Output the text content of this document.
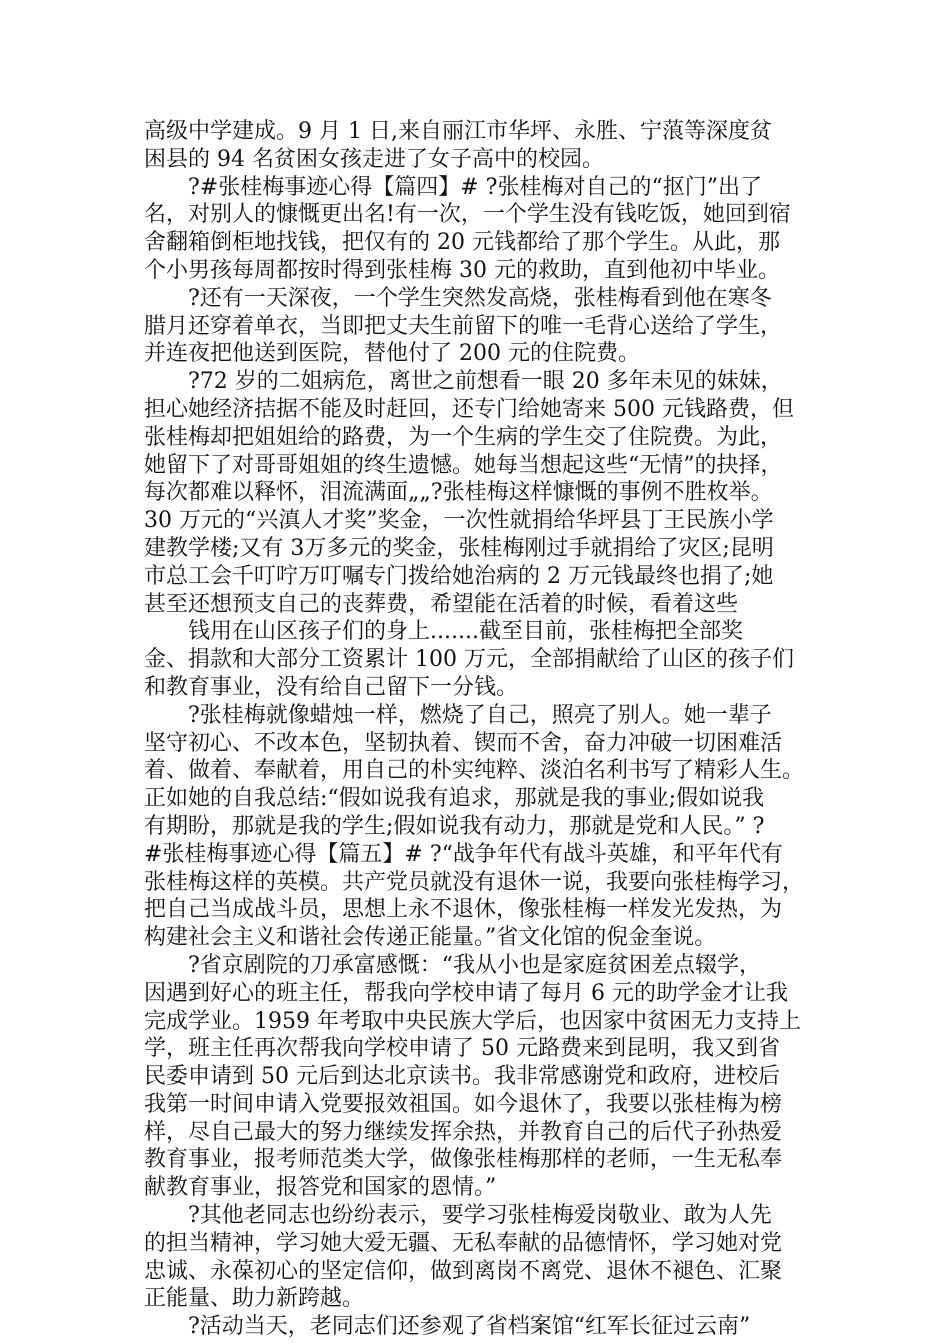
高级中学建成。9 月 1 日,来自丽江市华坪、永胜、宁蒗等深度贫
困县的 94 名贫困女孩走进了女子高中的校园。
　　?#张桂梅事迹心得【篇四】# ?张桂梅对自己的“抠门”出了
名，对别人的慷慨更出名!有一次，一个学生没有钱吃饭，她回到宿
舍翻箱倒柜地找钱，把仅有的 20 元钱都给了那个学生。从此，那
个小男孩每周都按时得到张桂梅 30 元的救助，直到他初中毕业。
　　?还有一天深夜，一个学生突然发高烧，张桂梅看到他在寒冬
腊月还穿着单衣，当即把丈夫生前留下的唯一毛背心送给了学生，
并连夜把他送到医院，替他付了 200 元的住院费。
　　?72 岁的二姐病危，离世之前想看一眼 20 多年未见的妹妹，
担心她经济拮据不能及时赶回，还专门给她寄来 500 元钱路费，但
张桂梅却把姐姐给的路费，为一个生病的学生交了住院费。为此，
她留下了对哥哥姐姐的终生遗憾。她每当想起这些“无情”的抉择，
每次都难以释怀，泪流满面„„?张桂梅这样慷慨的事例不胜枚举。
30 万元的“兴滇人才奖”奖金，一次性就捐给华坪县丁王民族小学
建教学楼;又有 3万多元的奖金，张桂梅刚过手就捐给了灾区;昆明
市总工会千叮咛万叮嘱专门拨给她治病的 2 万元钱最终也捐了;她
甚至还想预支自己的丧葬费，希望能在活着的时候，看着这些
　　钱用在山区孩子们的身上.......截至目前，张桂梅把全部奖
金、捐款和大部分工资累计 100 万元，全部捐献给了山区的孩子们
和教育事业，没有给自己留下一分钱。
　　?张桂梅就像蜡烛一样，燃烧了自己，照亮了别人。她一辈子
坚守初心、不改本色，坚韧执着、锲而不舍，奋力冲破一切困难活
着、做着、奉献着，用自己的朴实纯粹、淡泊名利书写了精彩人生。
正如她的自我总结:“假如说我有追求，那就是我的事业;假如说我
有期盼，那就是我的学生;假如说我有动力，那就是党和人民。” ?
#张桂梅事迹心得【篇五】# ?“战争年代有战斗英雄，和平年代有
张桂梅这样的英模。共产党员就没有退休一说，我要向张桂梅学习，
把自己当成战斗员，思想上永不退休，像张桂梅一样发光发热，为
构建社会主义和谐社会传递正能量。”省文化馆的倪金奎说。
　　?省京剧院的刀承富感慨：“我从小也是家庭贫困差点辍学，
因遇到好心的班主任，帮我向学校申请了每月 6 元的助学金才让我
完成学业。1959 年考取中央民族大学后，也因家中贫困无力支持上
学，班主任再次帮我向学校申请了 50 元路费来到昆明，我又到省
民委申请到 50 元后到达北京读书。我非常感谢党和政府，进校后
我第一时间申请入党要报效祖国。如今退休了，我要以张桂梅为榜
样，尽自己最大的努力继续发挥余热，并教育自己的后代子孙热爱
教育事业，报考师范类大学，做像张桂梅那样的老师，一生无私奉
献教育事业，报答党和国家的恩情。”
　　?其他老同志也纷纷表示，要学习张桂梅爱岗敬业、敢为人先
的担当精神，学习她大爱无疆、无私奉献的品德情怀，学习她对党
忠诚、永葆初心的坚定信仰，做到离岗不离党、退休不褪色、汇聚
正能量、助力新跨越。
　　?活动当天，老同志们还参观了省档案馆“红军长征过云南”
